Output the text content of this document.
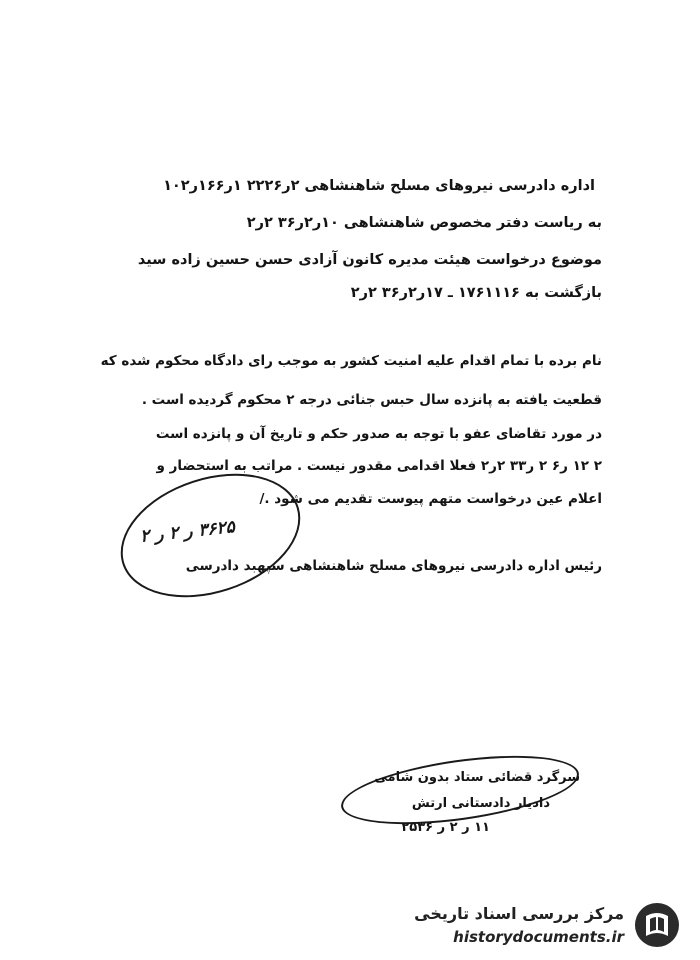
اداره دادرسی نیروهای مسلح شاهنشاهی ۲ر۲۲۲۶ ۱ر۱۶۶ر۱۰۲
به ریاست دفتر مخصوص شاهنشاهی ۱۰ر۲ر۳۶ ۲ر۲
موضوع درخواست هیئت مدیره کانون آزادی حسن حسین زاده سید
بازگشت به ۱۷۶۱۱۱۶ ـ ۱۷ر۲ر۳۶ ۲ر۲
نام برده با تمام اقدام علیه امنیت کشور به موجب رای دادگاه محکوم شده که
قطعیت یافته به پانزده سال حبس جنائی درجه ۲ محکوم گردیده است .
در مورد تقاضای عفو با توجه به صدور حکم و تاریخ آن و پانزده است
۲ ۱۲ ر۶ ۲ ر۳۳ ۲ر۲ فعلا اقدامی مقدور نیست . مراتب به استحضار و
اعلام عین درخواست متهم پیوست تقدیم می شود ./
۳۶۲۵ ر ۲ ر ۲
رئیس اداره دادرسی نیروهای مسلح شاهنشاهی سپهبد دادرسی
سرگرد قضائی ستاد بدون شامی
دادیار دادستانی ارتش
۱۱ ر ۲ ر ۲۵۳۶
مرکز بررسی اسناد تاریخی
historydocuments.ir
